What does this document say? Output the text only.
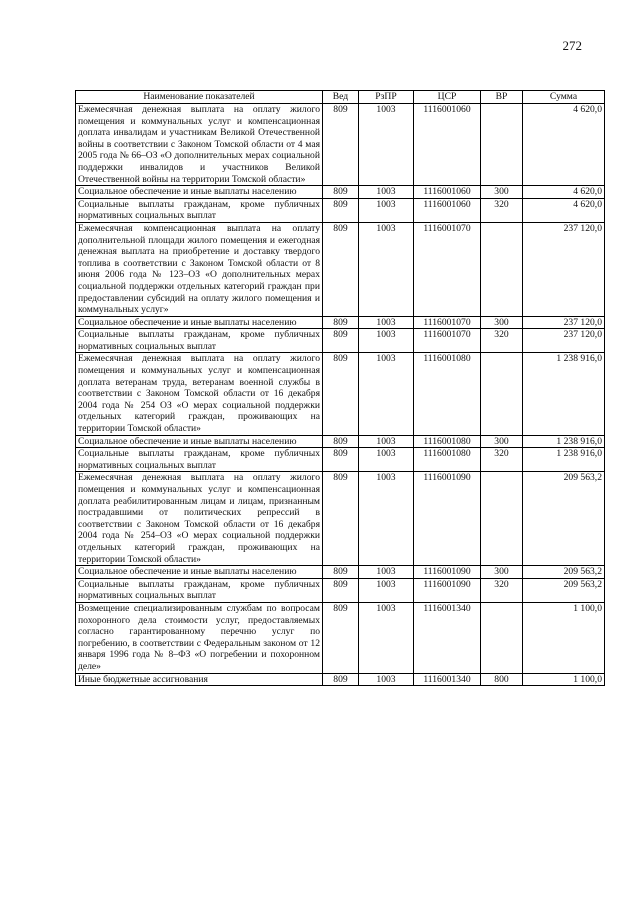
272
Наименование показателей	Вед	РзПР	ЦСР	ВР	Сумма
Ежемесячная денежная выплата на оплату жилого помещения и коммунальных услуг и компенсационная доплата инвалидам и участникам Великой Отечественной войны в соответствии с Законом Томской области от 4 мая 2005 года № 66–ОЗ «О дополнительных мерах социальной поддержки инвалидов и участников Великой Отечественной войны на территории Томской области»	809	1003	1116001060		4 620,0
Социальное обеспечение и иные выплаты населению	809	1003	1116001060	300	4 620,0
Социальные выплаты гражданам, кроме публичных нормативных социальных выплат	809	1003	1116001060	320	4 620,0
Ежемесячная компенсационная выплата на оплату дополнительной площади жилого помещения и ежегодная денежная выплата на приобретение и доставку твердого топлива в соответствии с Законом Томской области от 8 июня 2006 года № 123–ОЗ «О дополнительных мерах социальной поддержки отдельных категорий граждан при предоставлении субсидий на оплату жилого помещения и коммунальных услуг»	809	1003	1116001070		237 120,0
Социальное обеспечение и иные выплаты населению	809	1003	1116001070	300	237 120,0
Социальные выплаты гражданам, кроме публичных нормативных социальных выплат	809	1003	1116001070	320	237 120,0
Ежемесячная денежная выплата на оплату жилого помещения и коммунальных услуг и компенсационная доплата ветеранам труда, ветеранам военной службы в соответствии с Законом Томской области от 16 декабря 2004 года № 254 ОЗ «О мерах социальной поддержки отдельных категорий граждан, проживающих на территории Томской области»	809	1003	1116001080		1 238 916,0
Социальное обеспечение и иные выплаты населению	809	1003	1116001080	300	1 238 916,0
Социальные выплаты гражданам, кроме публичных нормативных социальных выплат	809	1003	1116001080	320	1 238 916,0
Ежемесячная денежная выплата на оплату жилого помещения и коммунальных услуг и компенсационная доплата реабилитированным лицам и лицам, признанным пострадавшими от политических репрессий в соответствии с Законом Томской области от 16 декабря 2004 года № 254–ОЗ «О мерах социальной поддержки отдельных категорий граждан, проживающих на территории Томской области»	809	1003	1116001090		209 563,2
Социальное обеспечение и иные выплаты населению	809	1003	1116001090	300	209 563,2
Социальные выплаты гражданам, кроме публичных нормативных социальных выплат	809	1003	1116001090	320	209 563,2
Возмещение специализированным службам по вопросам похоронного дела стоимости услуг, предоставляемых согласно гарантированному перечню услуг по погребению, в соответствии с Федеральным законом от 12 января 1996 года № 8–ФЗ «О погребении и похоронном деле»	809	1003	1116001340		1 100,0
Иные бюджетные ассигнования	809	1003	1116001340	800	1 100,0
